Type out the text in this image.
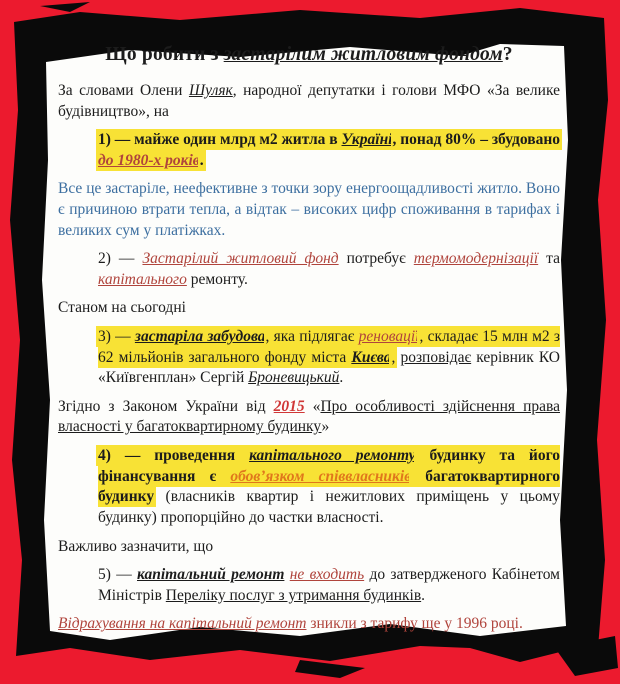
Що робити з застарілим житловим фондом?
За словами Олени Шуляк, народної депутатки і голови МФО «За велике будівництво», на
1) — майже один млрд м2 житла в Україні, понад 80% – збудовано до 1980-х років.
Все це застаріле, неефективне з точки зору енергоощадливості житло. Воно є причиною втрати тепла, а відтак – високих цифр споживання в тарифах і великих сум у платіжках.
2) — Застарілий житловий фонд потребує термомодернізації та капітального ремонту.
Станом на сьогодні
3) — застаріла забудова, яка підлягає реновації, складає 15 млн м2 з 62 мільйонів загального фонду міста Києва, розповідає керівник КО «Київгенплан» Сергій Броневицький.
Згідно з Законом України від 2015 «Про особливості здійснення права власності у багатоквартирному будинку»
4) — проведення капітального ремонту будинку та його фінансування є обов’язком співвласників багатоквартирного будинку (власників квартир і нежитлових приміщень у цьому будинку) пропорційно до частки власності.
Важливо зазначити, що
5) — капітальний ремонт не входить до затвердженого Кабінетом Міністрів Переліку послуг з утримання будинків.
Відрахування на капітальний ремонт зникли з тарифу ще у 1996 році.
